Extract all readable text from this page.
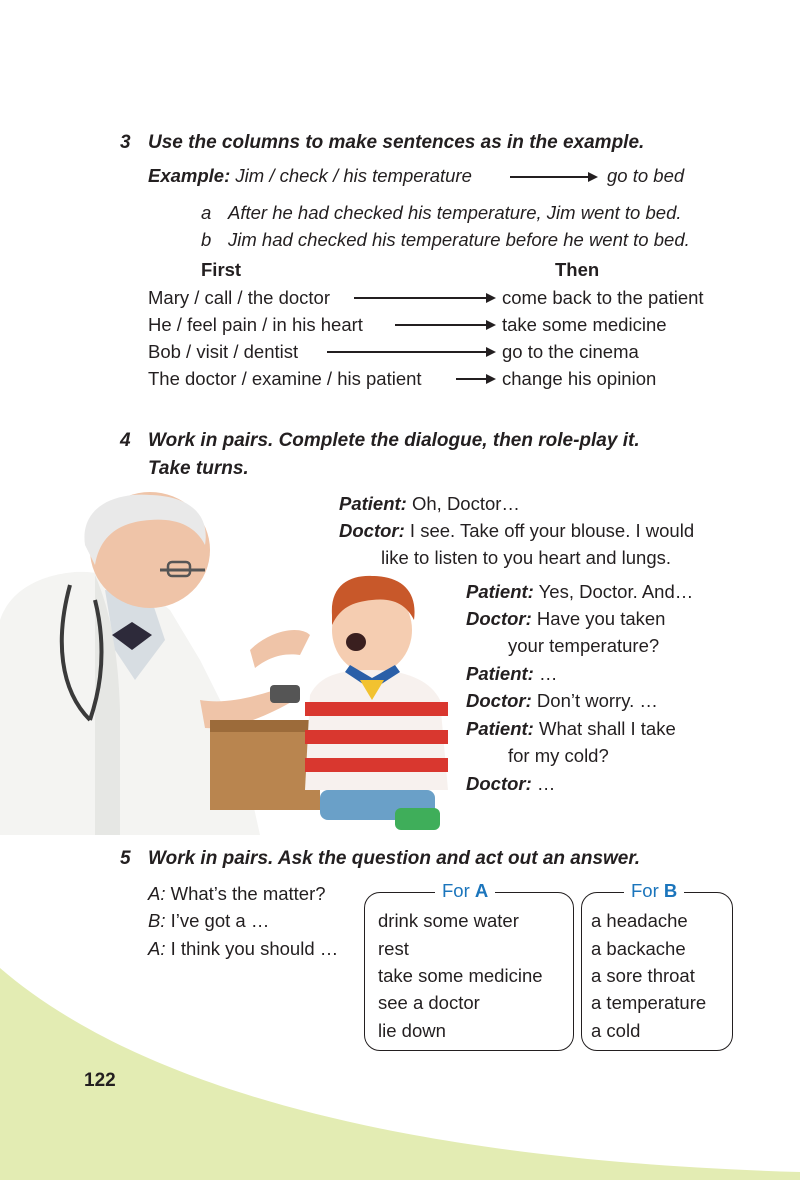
3 Use the columns to make sentences as in the example.
Example: Jim / check / his temperature	go to bed
a After he had checked his temperature, Jim went to bed.
b Jim had checked his temperature before he went to bed.
First	Then
Mary / call / the doctor	come back to the patient
He / feel pain / in his heart	take some medicine
Bob / visit / dentist	go to the cinema
The doctor / examine / his patient	change his opinion
4 Work in pairs. Complete the dialogue, then role-play it.
Take turns.
Patient: Oh, Doctor…
Doctor: I see. Take off your blouse. I would
like to listen to you heart and lungs.
Patient: Yes, Doctor. And…
Doctor: Have you taken
your temperature?
Patient: …
Doctor: Don’t worry. …
Patient: What shall I take
for my cold?
Doctor: …
5 Work in pairs. Ask the question and act out an answer.
A: What’s the matter?
B: I’ve got a …
A: I think you should …
For A
drink some water
rest
take some medicine
see a doctor
lie down
For B
a headache
a backache
a sore throat
a temperature
a cold
122
